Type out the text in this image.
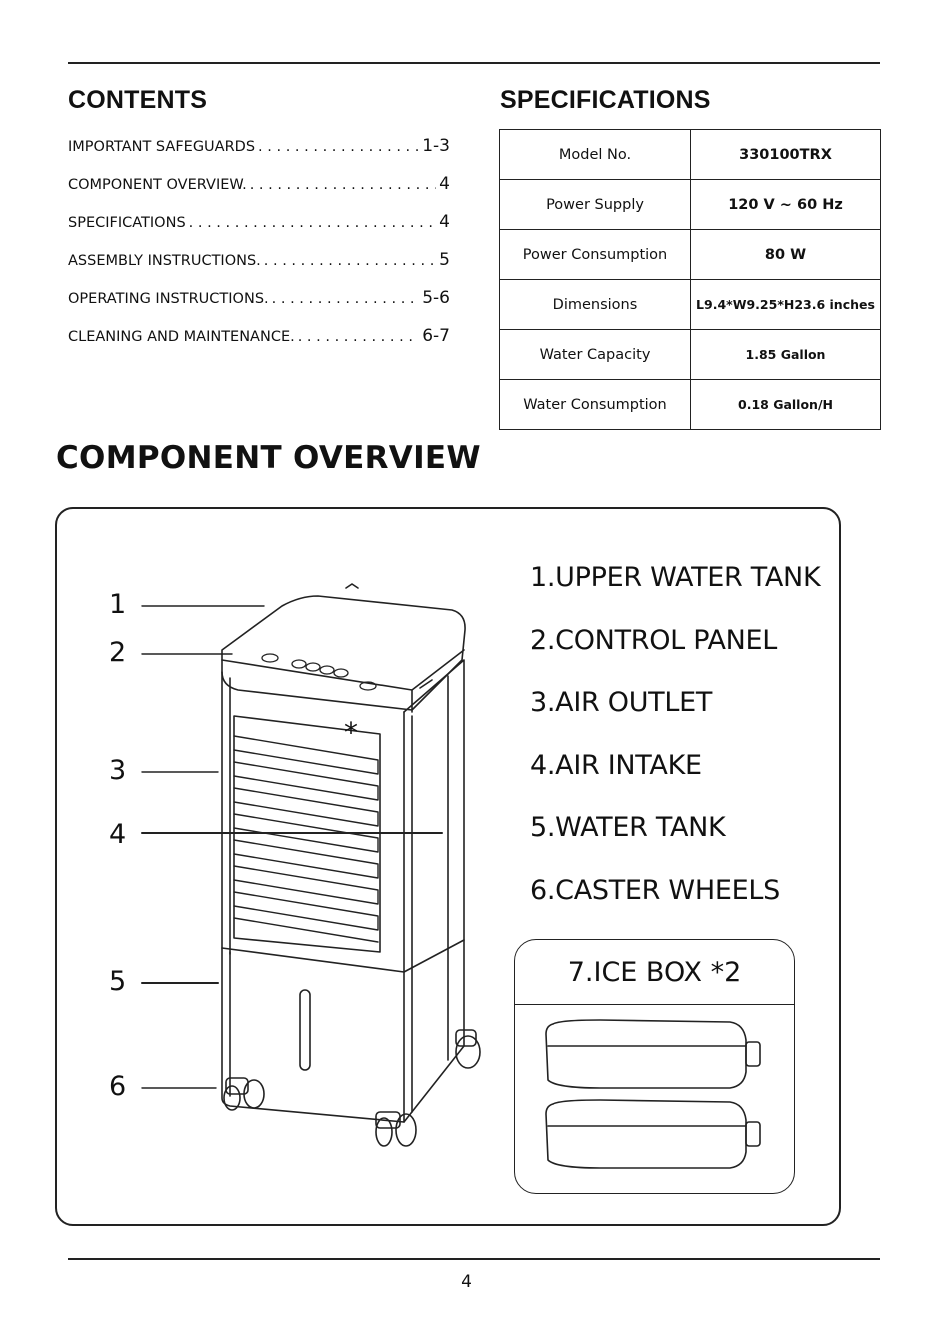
CONTENTS
IMPORTANT SAFEGUARDS . . .	1-3
COMPONENT OVERVIEW. . . .	4
SPECIFICATIONS . . .	4
ASSEMBLY INSTRUCTIONS. . . .	5
OPERATING INSTRUCTIONS. . . .	5-6
CLEANING AND MAINTENANCE. . . .	6-7
SPECIFICATIONS
Model No.	330100TRX
Power Supply	120 V ~ 60 Hz
Power Consumption	80 W
Dimensions	L9.4*W9.25*H23.6 inches
Water Capacity	1.85 Gallon
Water Consumption	0.18 Gallon/H
COMPONENT OVERVIEW
*
1
2
3
4
5
6
1.UPPER WATER TANK
2.CONTROL PANEL
3.AIR OUTLET
4.AIR INTAKE
5.WATER TANK
6.CASTER WHEELS
7.ICE BOX *2
4
